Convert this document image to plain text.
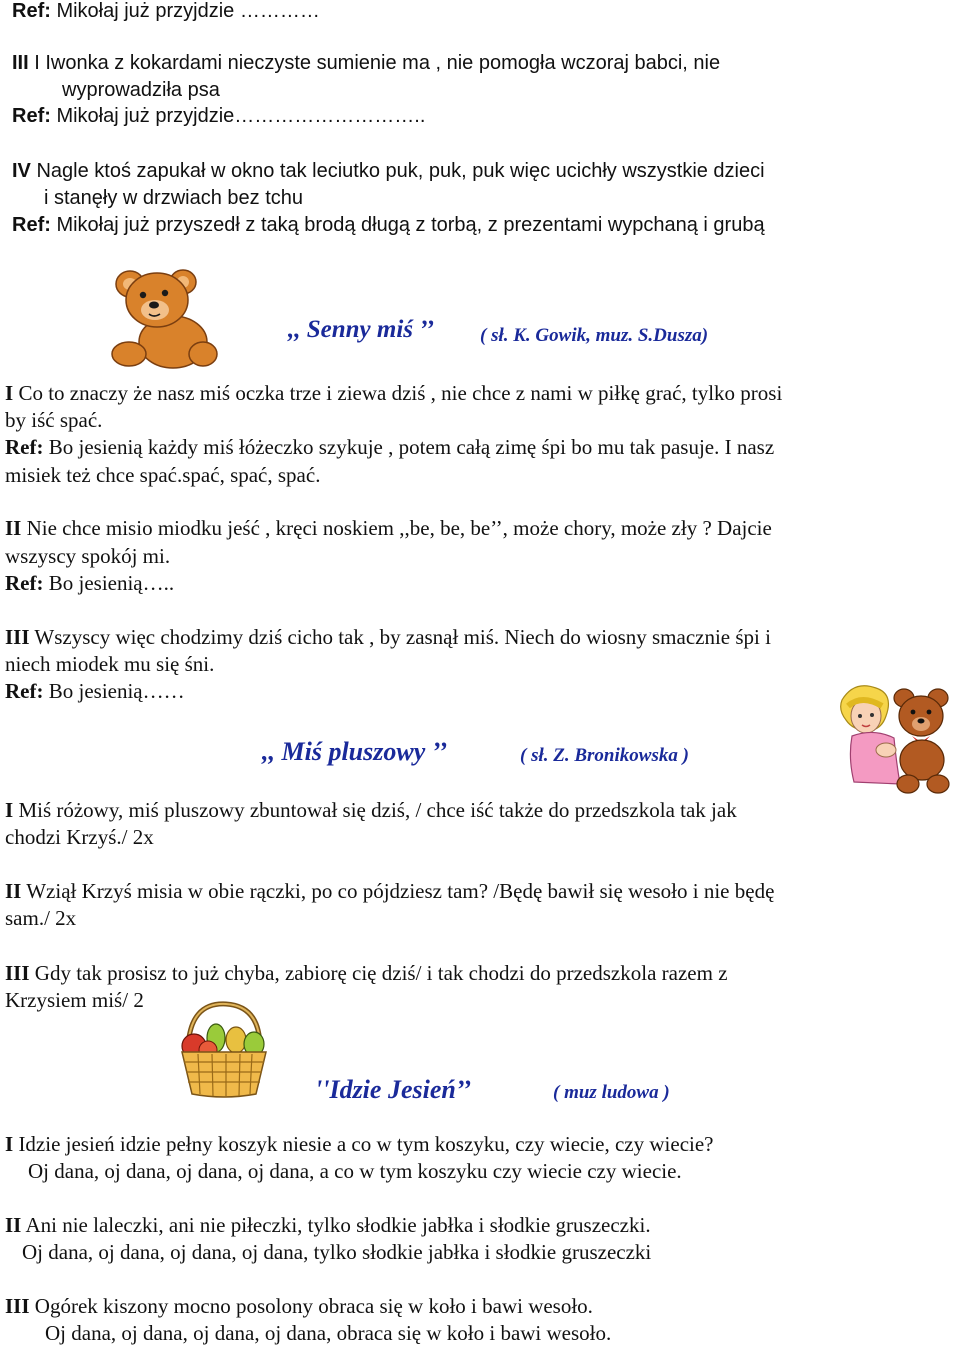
Ref: Mikołaj już przyjdzie …………
III I Iwonka z kokardami nieczyste sumienie ma , nie pomogła wczoraj babci, nie
wyprowadziła psa
Ref: Mikołaj już przyjdzie………………………..
IV Nagle ktoś zapukał w okno tak leciutko puk, puk, puk więc ucichły wszystkie dzieci
i stanęły w drzwiach bez tchu
Ref: Mikołaj już przyszedł z taką brodą długą z torbą, z prezentami wypchaną i grubą
,, Senny miś ’’ ( sł. K. Gowik, muz. S.Dusza)
I Co to znaczy że nasz miś oczka trze i ziewa dziś , nie chce z nami w piłkę grać, tylko prosi
by iść spać.
Ref: Bo jesienią każdy miś łóżeczko szykuje , potem całą zimę śpi bo mu tak pasuje. I nasz
misiek też chce spać.spać, spać, spać.
II Nie chce misio miodku jeść , kręci noskiem ,,be, be, be’’, może chory, może zły ? Dajcie
wszyscy spokój mi.
Ref: Bo jesienią…..
III Wszyscy więc chodzimy dziś cicho tak , by zasnął miś. Niech do wiosny smacznie śpi i
niech miodek mu się śni.
Ref: Bo jesienią……
,, Miś pluszowy ’’	( sł. Z. Bronikowska )
I Miś różowy, miś pluszowy zbuntował się dziś, / chce iść także do przedszkola tak jak
chodzi Krzyś./ 2x
II Wziął Krzyś misia w obie rączki, po co pójdziesz tam? /Będę bawił się wesoło i nie będę
sam./ 2x
III Gdy tak prosisz to już chyba, zabiorę cię dziś/ i tak chodzi do przedszkola razem z
Krzysiem miś/ 2
''Idzie Jesień’’	( muz ludowa )
I Idzie jesień idzie pełny koszyk niesie a co w tym koszyku, czy wiecie, czy wiecie?
Oj dana, oj dana, oj dana, oj dana, a co w tym koszyku czy wiecie czy wiecie.
II Ani nie laleczki, ani nie piłeczki, tylko słodkie jabłka i słodkie gruszeczki.
Oj dana, oj dana, oj dana, oj dana, tylko słodkie jabłka i słodkie gruszeczki
III Ogórek kiszony mocno posolony obraca się w koło i bawi wesoło.
Oj dana, oj dana, oj dana, oj dana, obraca się w koło i bawi wesoło.
